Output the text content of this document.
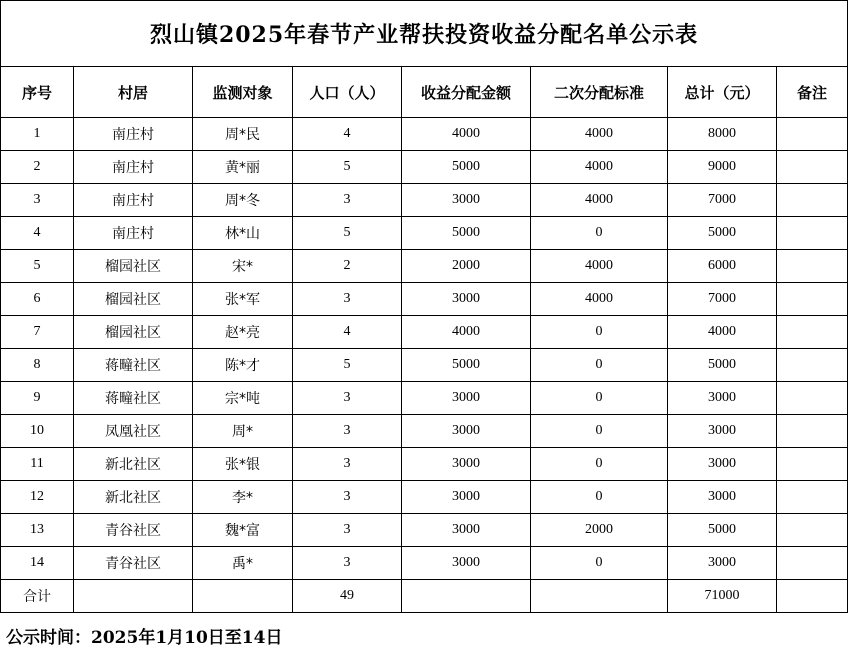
烈山镇2025年春节产业帮扶投资收益分配名单公示表							
序号	村居	监测对象	人口（人）	收益分配金额	二次分配标准	总计（元）	备注
1	南庄村	周*民	4	4000	4000	8000	
2	南庄村	黄*丽	5	5000	4000	9000	
3	南庄村	周*冬	3	3000	4000	7000	
4	南庄村	林*山	5	5000	0	5000	
5	榴园社区	宋*	2	2000	4000	6000	
6	榴园社区	张*军	3	3000	4000	7000	
7	榴园社区	赵*亮	4	4000	0	4000	
8	蒋疃社区	陈*才	5	5000	0	5000	
9	蒋疃社区	宗*吨	3	3000	0	3000	
10	凤凰社区	周*	3	3000	0	3000	
11	新北社区	张*银	3	3000	0	3000	
12	新北社区	李*	3	3000	0	3000	
13	青谷社区	魏*富	3	3000	2000	5000	
14	青谷社区	禹*	3	3000	0	3000	
合计			49			71000	
公示时间：2025年1月10日至14日
